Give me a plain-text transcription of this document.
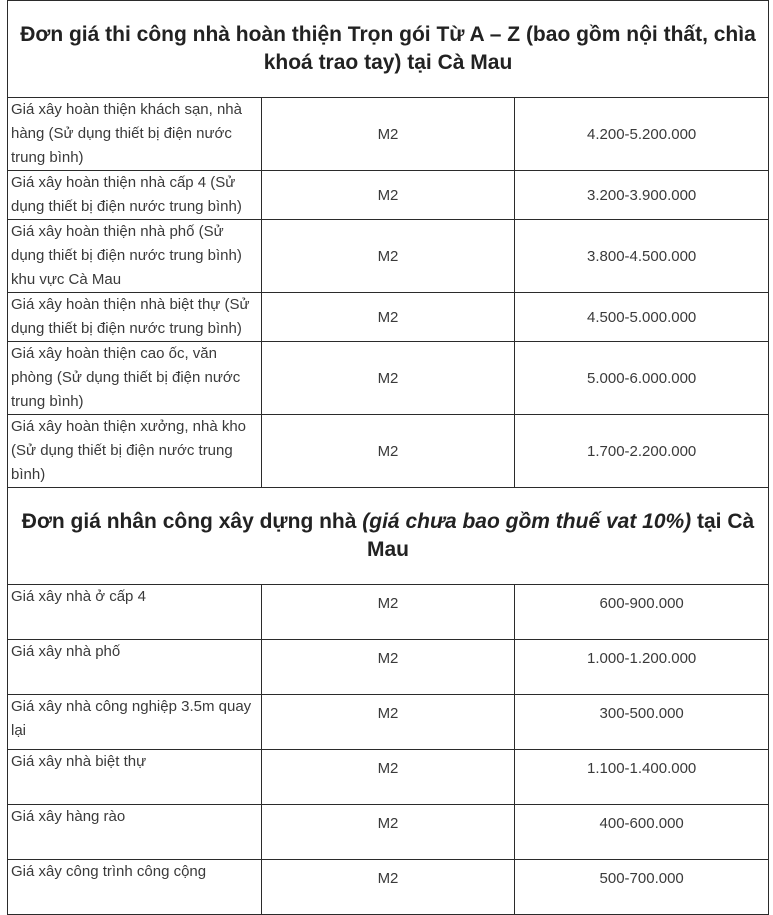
Đơn giá thi công nhà hoàn thiện Trọn gói Từ A – Z (bao gồm nội thất, chìa khoá trao tay) tại Cà Mau		
Giá xây hoàn thiện khách sạn, nhà hàng (Sử dụng thiết bị điện nước trung bình)	M2	4.200-5.200.000
Giá xây hoàn thiện nhà cấp 4 (Sử dụng thiết bị điện nước trung bình)	M2	3.200-3.900.000
Giá xây hoàn thiện nhà phố (Sử dụng thiết bị điện nước trung bình) khu vực Cà Mau	M2	3.800-4.500.000
Giá xây hoàn thiện nhà biệt thự (Sử dụng thiết bị điện nước trung bình)	M2	4.500-5.000.000
Giá xây hoàn thiện cao ốc, văn phòng (Sử dụng thiết bị điện nước trung bình)	M2	5.000-6.000.000
Giá xây hoàn thiện xưởng, nhà kho (Sử dụng thiết bị điện nước trung bình)	M2	1.700-2.200.000
Đơn giá nhân công xây dựng nhà (giá chưa bao gồm thuế vat 10%) tại Cà Mau		
Giá xây nhà ở cấp 4	M2	600-900.000
Giá xây nhà phố	M2	1.000-1.200.000
Giá xây nhà công nghiệp 3.5m quay lại	M2	300-500.000
Giá xây nhà biệt thự	M2	1.100-1.400.000
Giá xây hàng rào	M2	400-600.000
Giá xây công trình công cộng	M2	500-700.000
